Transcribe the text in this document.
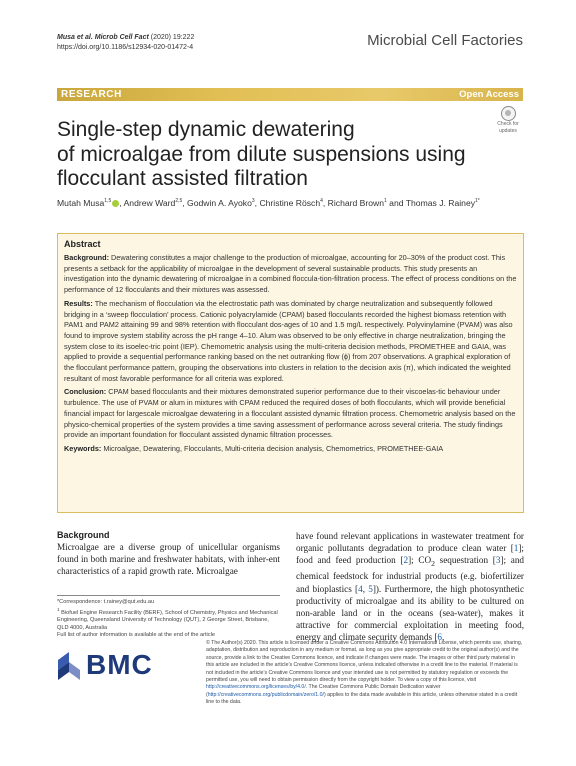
Musa et al. Microb Cell Fact (2020) 19:222
https://doi.org/10.1186/s12934-020-01472-4	Microbial Cell Factories
RESEARCH	Open Access
Check for
updates
Single-step dynamic dewatering
of microalgae from dilute suspensions using
flocculant assisted filtration
Mutah Musa$^{1,5}$ , Andrew Ward$^{2,5}$, Godwin A. Ayoko$^3$, Christine Rösch$^4$, Richard Brown$^1$ and Thomas J. Rainey$^{1*}$
Abstract

Background: Dewatering constitutes a major challenge to the production of microalgae, accounting for 20–30% of the product cost. This presents a setback for the applicability of microalgae in the development of several sustainable products. This study presents an investigation into the dynamic dewatering of microalgae in a combined floccula-tion-filtration process. The effect of process conditions on the performance of 12 flocculants and their mixtures was assessed.

Results: The mechanism of flocculation via the electrostatic path was dominated by charge neutralization and subsequently followed bridging in a ‘sweep flocculation’ process. Cationic polyacrylamide (CPAM) based flocculants recorded the highest biomass retention with PAM1 and PAM2 attaining 99 and 98% retention with flocculant dos-ages of 10 and 1.5 mg/L respectively. Polyvinylamine (PVAM) was also found to improve system stability across the pH range 4–10. Alum was observed to be only effective in charge neutralization, bringing the system close to its isoelec-tric point (IEP). Chemometric analysis using the multi-criteria decision methods, PROMETHEE and GAIA, was applied to provide a sequential performance ranking based on the net outranking flow (ϕ) from 207 observations. A graphical exploration of the flocculant performance pattern, grouping the observations into clusters in relation to the decision axis (π), which indicated the weighted resultant of most favorable performance for all criteria was explored.

Conclusion: CPAM based flocculants and their mixtures demonstrated superior performance due to their viscoelas-tic behaviour under turbulence. The use of PVAM or alum in mixtures with CPAM reduced the required doses of both flocculants, which will provide beneficial financial impact for largescale microalgae dewatering in a flocculant assisted dynamic filtration process. Chemometric analysis based on the physico-chemical properties of the system provides a time saving assessment of performance across several criteria. The study findings provide an important foundation for flocculant assisted dynamic filtration processes.

Keywords: Microalgae, Dewatering, Flocculants, Multi-criteria decision analysis, Chemometrics, PROMETHEE-GAIA

Background

Microalgae are a diverse group of unicellular organisms found in both marine and freshwater habitats, with inher-ent characteristics of a rapid growth rate. Microalgae

have found relevant applications in wastewater treatment for organic pollutants degradation to produce clean water [1]; food and feed production [2]; $CO_2$ sequestration [3]; and chemical feedstock for industrial products (e.g. biofertilizer and bioplastics [4, 5]). Furthermore, the high photosynthetic productivity of microalgae and its ability to be cultured on non-arable land or in the oceans (sea-water), makes it attractive for commercial exploitation in meeting food, energy and climate security demands [6,
*Correspondence: t.rainey@qut.edu.au
$^1$ Biofuel Engine Research Facility (BERF), School of Chemistry, Physics and Mechanical Engineering, Queensland University of Technology (QUT), 2 George Street, Brisbane, QLD 4000, Australia
Full list of author information is available at the end of the article
BMC
© The Author(s) 2020. This article is licensed under a Creative Commons Attribution 4.0 International License, which permits use, sharing, adaptation, distribution and reproduction in any medium or format, as long as you give appropriate credit to the original author(s) and the source, provide a link to the Creative Commons licence, and indicate if changes were made. The images or other third party material in this article are included in the article’s Creative Commons licence, unless indicated otherwise in a credit line to the material. If material is not included in the article’s Creative Commons licence and your intended use is not permitted by statutory regulation or exceeds the permitted use, you will need to obtain permission directly from the copyright holder. To view a copy of this licence, visit http://creativecommons.org/licenses/by/4.0/. The Creative Commons Public Domain Dedication waiver (http://creativecommons.org/publicdomain/zero/1.0/) applies to the data made available in this article, unless otherwise stated in a credit line to the data.
